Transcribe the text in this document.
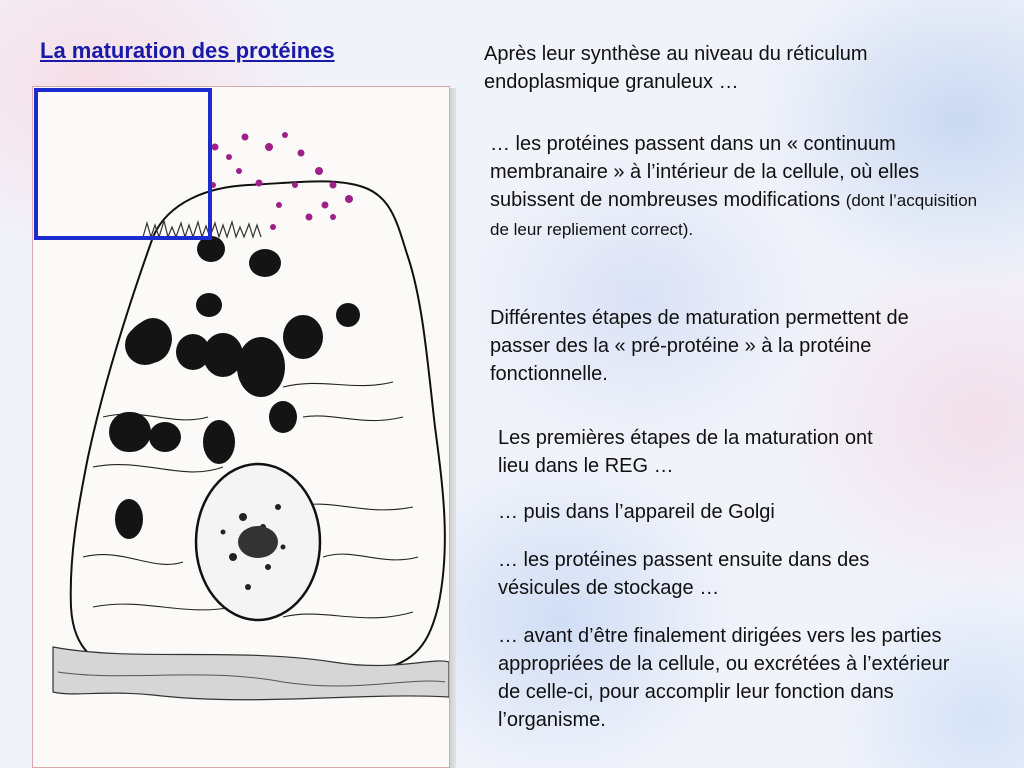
La maturation des protéines	Après leur synthèse au niveau du réticulum endoplasmique granuleux …

… les protéines passent dans un « continuum membranaire » à l’intérieur de la cellule, où elles subissent de nombreuses modifications (dont l’acquisition de leur repliement correct).

Différentes étapes de maturation permettent de passer des la « pré-protéine » à la protéine fonctionnelle.

Les premières étapes de la maturation ont lieu dans le REG …

… puis dans l’appareil de Golgi

… les protéines passent ensuite dans des vésicules de stockage …

… avant d’être finalement dirigées vers les parties appropriées de la cellule, ou excrétées à l’extérieur de celle-ci, pour accomplir leur fonction dans l’organisme.
